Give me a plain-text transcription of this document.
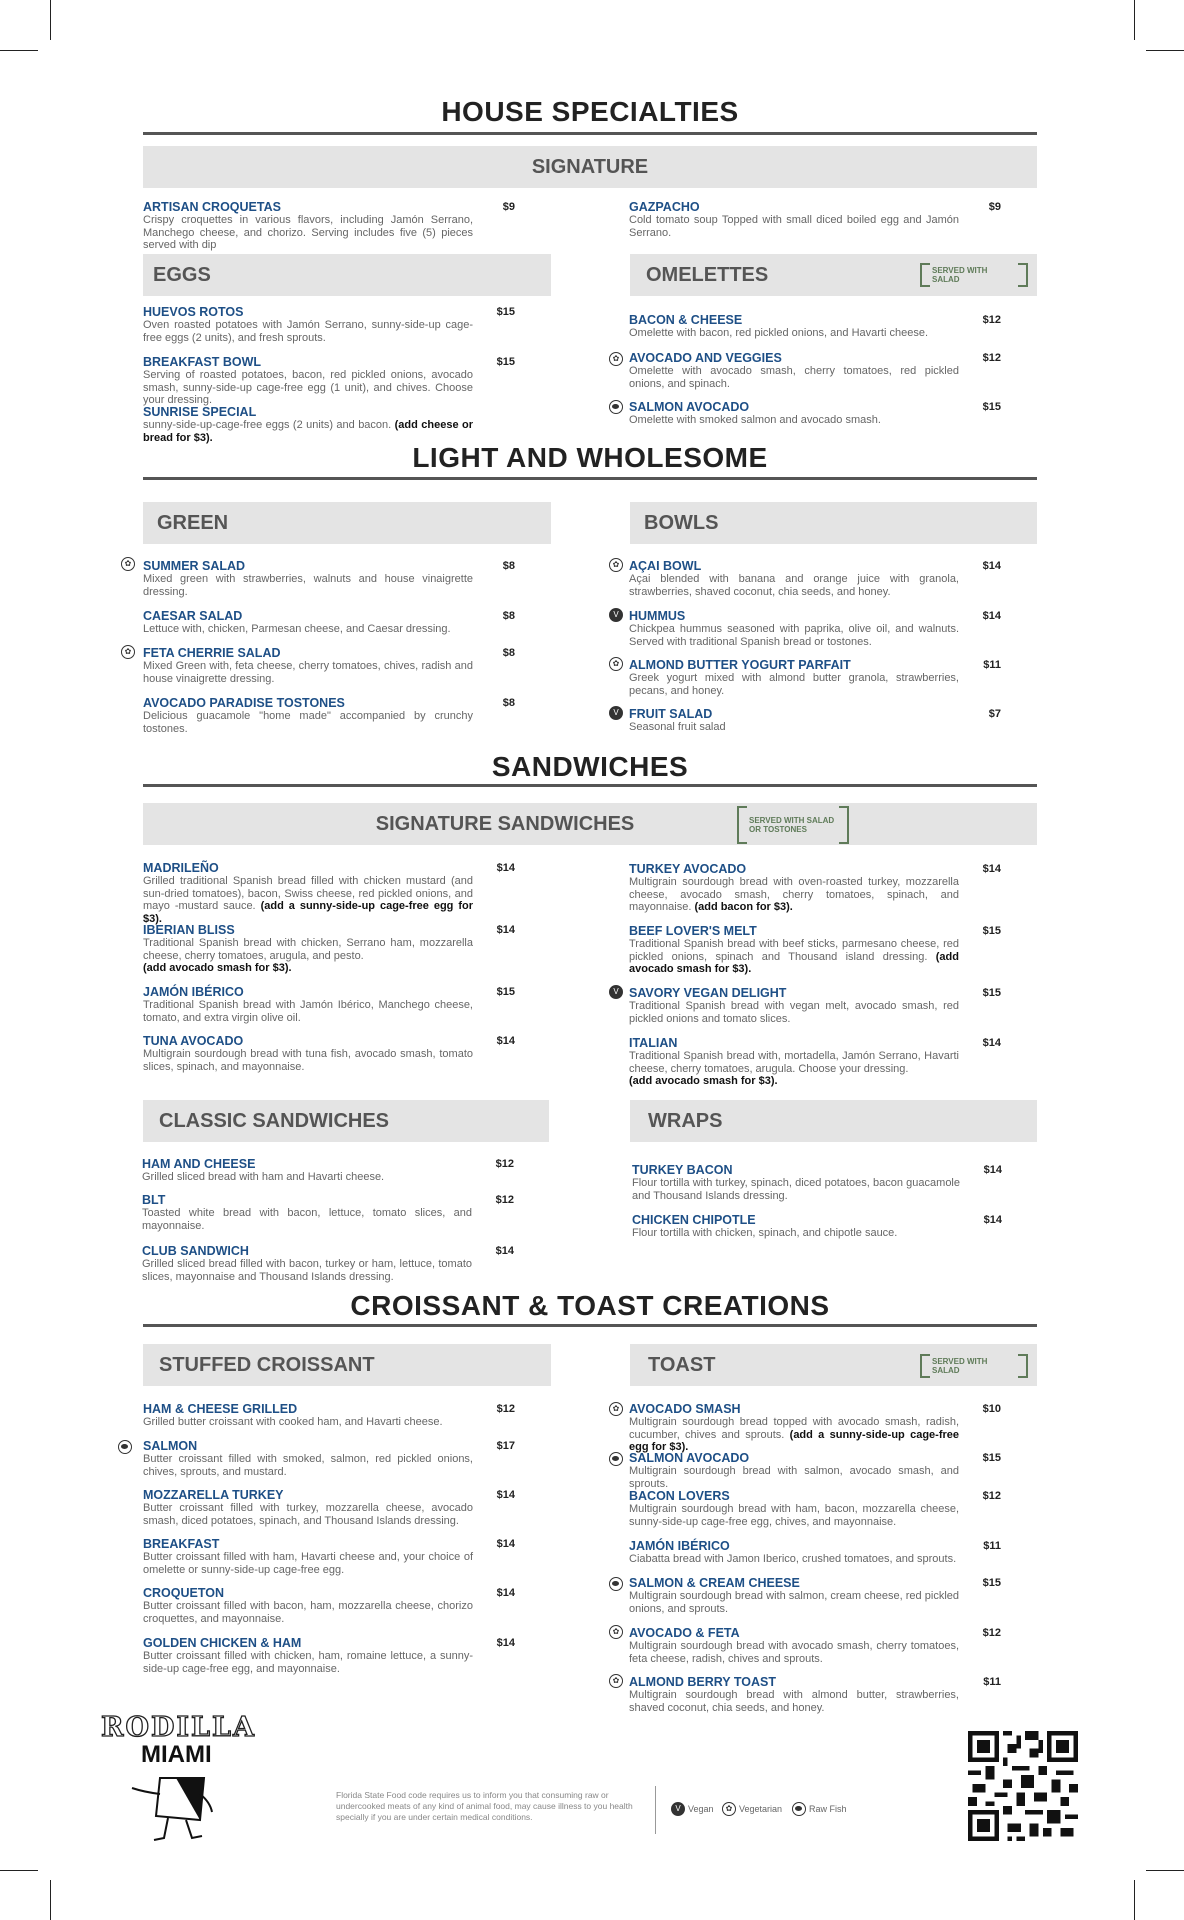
HOUSE SPECIALTIES
SIGNATURE
ARTISAN CROQUETAS	$9
Crispy croquettes in various flavors, including Jamón Serrano, Manchego cheese, and chorizo. Serving includes five (5) pieces served with dip
GAZPACHO	$9
Cold tomato soup Topped with small diced boiled egg and Jamón Serrano.
EGGS	OMELETTES	SERVED WITH SALAD
HUEVOS ROTOS	$15
Oven roasted potatoes with Jamón Serrano, sunny-side-up cage-free eggs (2 units), and fresh sprouts.
BREAKFAST BOWL	$15
Serving of roasted potatoes, bacon, red pickled onions, avocado smash, sunny-side-up cage-free egg (1 unit), and chives. Choose your dressing.
SUNRISE SPECIAL
sunny-side-up-cage-free eggs (2 units) and bacon. (add cheese or bread for $3).
BACON & CHEESE	$12
Omelette with bacon, red pickled onions, and Havarti cheese.
✿ AVOCADO AND VEGGIES	$12
Omelette with avocado smash, cherry tomatoes, red pickled onions, and spinach.
SALMON AVOCADO	$15
Omelette with smoked salmon and avocado smash.
LIGHT AND WHOLESOME
GREEN	BOWLS
✿ SUMMER SALAD	$8
Mixed green with strawberries, walnuts and house vinaigrette dressing.
CAESAR SALAD	$8
Lettuce with, chicken, Parmesan cheese, and Caesar dressing.
✿ FETA CHERRIE SALAD	$8
Mixed Green with, feta cheese, cherry tomatoes, chives, radish and house vinaigrette dressing.
AVOCADO PARADISE TOSTONES	$8
Delicious guacamole "home made" accompanied by crunchy tostones.
✿ AÇAI BOWL	$14
Açai blended with banana and orange juice with granola, strawberries, shaved coconut, chia seeds, and honey.
V HUMMUS	$14
Chickpea hummus seasoned with paprika, olive oil, and walnuts. Served with traditional Spanish bread or tostones.
✿ ALMOND BUTTER YOGURT PARFAIT	$11
Greek yogurt mixed with almond butter granola, strawberries, pecans, and honey.
V FRUIT SALAD	$7
Seasonal fruit salad
SANDWICHES
SIGNATURE SANDWICHES	SERVED WITH SALAD
OR TOSTONES
MADRILEÑO	$14
Grilled traditional Spanish bread filled with chicken mustard (and sun-dried tomatoes), bacon, Swiss cheese, red pickled onions, and mayo -mustard sauce. (add a sunny-side-up cage-free egg for $3).
IBERIAN BLISS	$14
Traditional Spanish bread with chicken, Serrano ham, mozzarella cheese, cherry tomatoes, arugula, and pesto.
(add avocado smash for $3).
JAMÓN IBÉRICO	$15
Traditional Spanish bread with Jamón Ibérico, Manchego cheese, tomato, and extra virgin olive oil.
TUNA AVOCADO	$14
Multigrain sourdough bread with tuna fish, avocado smash, tomato slices, spinach, and mayonnaise.
TURKEY AVOCADO	$14
Multigrain sourdough bread with oven-roasted turkey, mozzarella cheese, avocado smash, cherry tomatoes, spinach, and mayonnaise. (add bacon for $3).
BEEF LOVER'S MELT	$15
Traditional Spanish bread with beef sticks, parmesano cheese, red pickled onions, spinach and Thousand island dressing. (add avocado smash for $3).
V SAVORY VEGAN DELIGHT	$15
Traditional Spanish bread with vegan melt, avocado smash, red pickled onions and tomato slices.
ITALIAN	$14
Traditional Spanish bread with, mortadella, Jamón Serrano, Havarti cheese, cherry tomatoes, arugula. Choose your dressing.
(add avocado smash for $3).
CLASSIC SANDWICHES	WRAPS
HAM AND CHEESE	$12
Grilled sliced bread with ham and Havarti cheese.
BLT	$12
Toasted white bread with bacon, lettuce, tomato slices, and mayonnaise.
CLUB SANDWICH	$14
Grilled sliced bread filled with bacon, turkey or ham, lettuce, tomato slices, mayonnaise and Thousand Islands dressing.
TURKEY BACON	$14
Flour tortilla with turkey, spinach, diced potatoes, bacon guacamole and Thousand Islands dressing.
CHICKEN CHIPOTLE	$14
Flour tortilla with chicken, spinach, and chipotle sauce.
CROISSANT & TOAST CREATIONS
STUFFED CROISSANT	TOAST	SERVED WITH SALAD
HAM & CHEESE GRILLED	$12
Grilled butter croissant with cooked ham, and Havarti cheese.
SALMON	$17
Butter croissant filled with smoked, salmon, red pickled onions, chives, sprouts, and mustard.
MOZZARELLA TURKEY	$14
Butter croissant filled with turkey, mozzarella cheese, avocado smash, diced potatoes, spinach, and Thousand Islands dressing.
BREAKFAST	$14
Butter croissant filled with ham, Havarti cheese and, your choice of omelette or sunny-side-up cage-free egg.
CROQUETON	$14
Butter croissant filled with bacon, ham, mozzarella cheese, chorizo croquettes, and mayonnaise.
GOLDEN CHICKEN & HAM	$14
Butter croissant filled with chicken, ham, romaine lettuce, a sunny-side-up cage-free egg, and mayonnaise.
✿ AVOCADO SMASH	$10
Multigrain sourdough bread topped with avocado smash, radish, cucumber, chives and sprouts. (add a sunny-side-up cage-free egg for $3).
SALMON AVOCADO	$15
Multigrain sourdough bread with salmon, avocado smash, and sprouts.
BACON LOVERS	$12
Multigrain sourdough bread with ham, bacon, mozzarella cheese, sunny-side-up cage-free egg, chives, and mayonnaise.
JAMÓN IBÉRICO	$11
Ciabatta bread with Jamon Iberico, crushed tomatoes, and sprouts.
SALMON & CREAM CHEESE	$15
Multigrain sourdough bread with salmon, cream cheese, red pickled onions, and sprouts.
✿ AVOCADO & FETA	$12
Multigrain sourdough bread with avocado smash, cherry tomatoes, feta cheese, radish, chives and sprouts.
✿ ALMOND BERRY TOAST	$11
Multigrain sourdough bread with almond butter, strawberries, shaved coconut, chia seeds, and honey.
RODILLA
MIAMI
Florida State Food code requires us to inform you that consuming raw or undercooked meats of any kind of animal food, may cause illness to you health specially if you are under certain medical conditions.
V Vegan	✿ Vegetarian	Raw Fish
